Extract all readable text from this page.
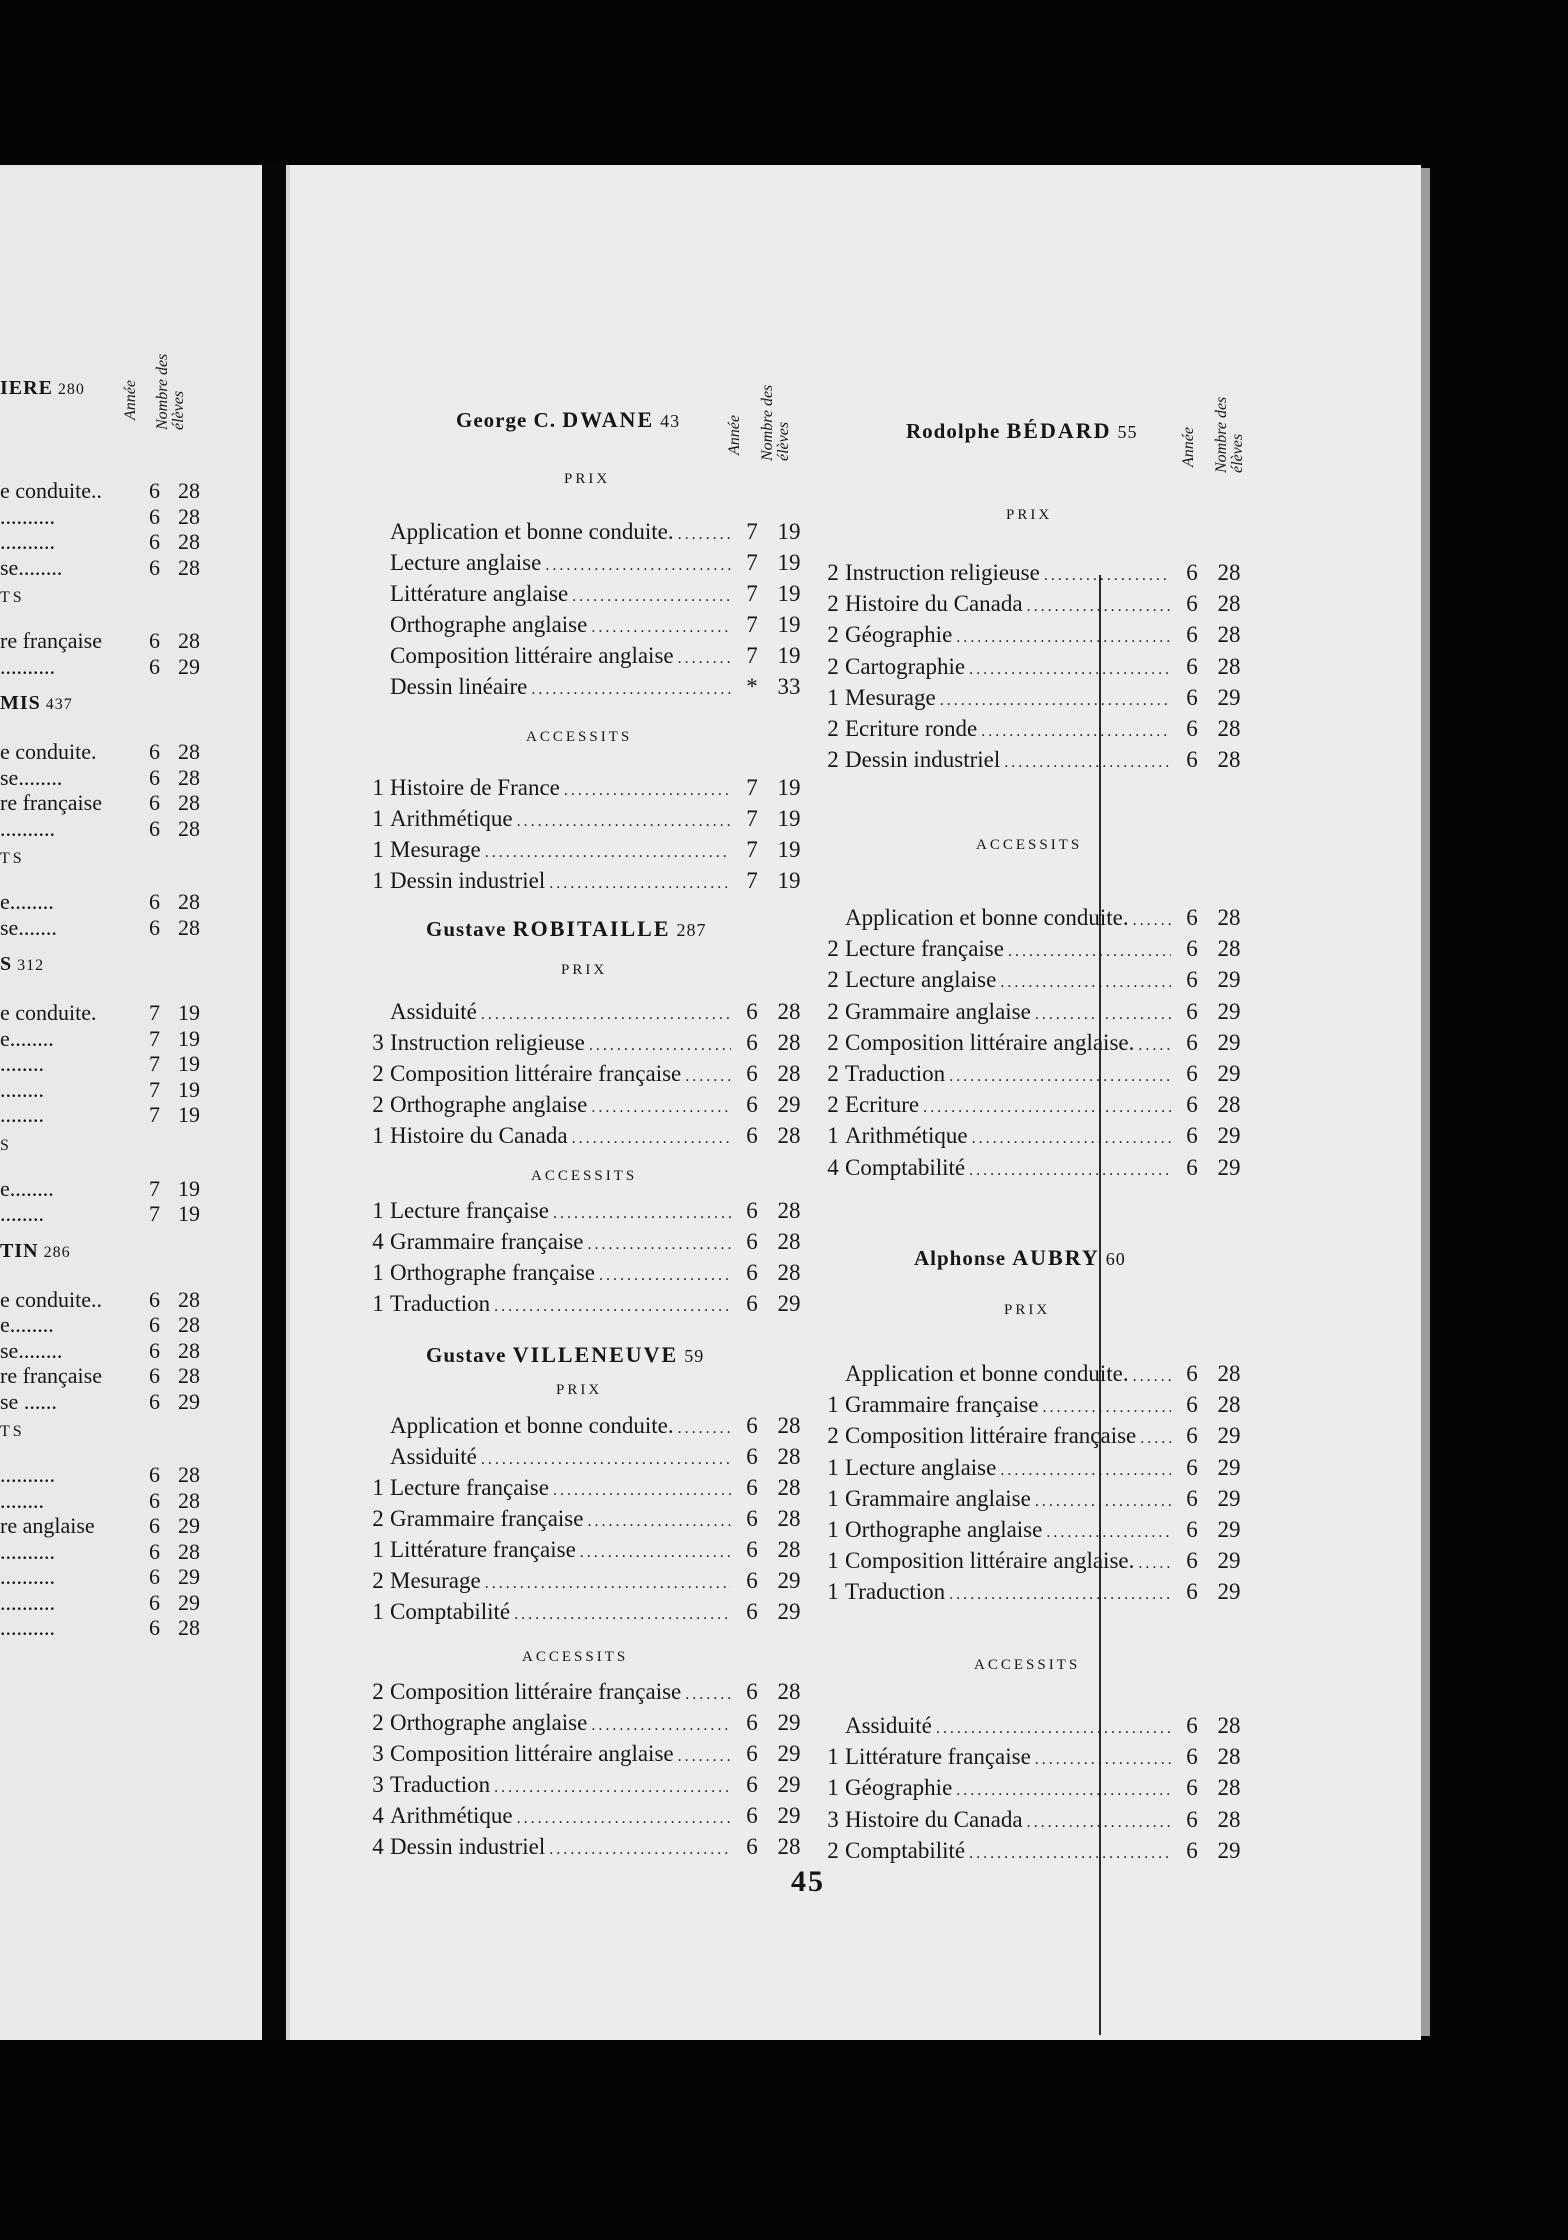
e conduite..	6 28
..........	6 28
..........	6 28
se........	6 28
TS
re française	6 28
..........	6 29
MIS 437
e conduite.	6 28
se........	6 28
re française	6 28
..........	6 28
TS
e........	6 28
se.......	6 28
S 312
e conduite.	7 19
e........	7 19
........	7 19
........	7 19
........	7 19
S
e........	7 19
........	7 19
TIN 286
e conduite..	6 28
e........	6 28
se........	6 28
re française	6 28
se ......	6 29
TS
..........	6 28
........	6 28
re anglaise	6 29
..........	6 28
..........	6 29
..........	6 29
..........	6 28
IERE 280 Année Nombre des élèves
45
George C. DWANE 43	Année Nombre des élèves
PRIX
Application et bonne conduite. .....	7 19
Lecture anglaise .....	7 19
Littérature anglaise .....	7 19
Orthographe anglaise .....	7 19
Composition littéraire anglaise .....	7 19
Dessin linéaire .....	* 33
ACCESSITS
1 Histoire de France .....	7 19
1 Arithmétique .....	7 19
1 Mesurage .....	7 19
1 Dessin industriel .....	7 19
Gustave ROBITAILLE 287
PRIX
Assiduité .....	6 28
3 Instruction religieuse .....	6 28
2 Composition littéraire française .....	6 28
2 Orthographe anglaise .....	6 29
1 Histoire du Canada .....	6 28
ACCESSITS
1 Lecture française .....	6 28
4 Grammaire française .....	6 28
1 Orthographe française .....	6 28
1 Traduction .....	6 29
Gustave VILLENEUVE 59
PRIX
Application et bonne conduite. .....	6 28
Assiduité .....	6 28
1 Lecture française .....	6 28
2 Grammaire française .....	6 28
1 Littérature française .....	6 28
2 Mesurage .....	6 29
1 Comptabilité .....	6 29
ACCESSITS
2 Composition littéraire française .....	6 28
2 Orthographe anglaise .....	6 29
3 Composition littéraire anglaise .....	6 29
3 Traduction .....	6 29
4 Arithmétique .....	6 29
4 Dessin industriel .....	6 28
Rodolphe BÉDARD 55	Année Nombre des élèves
PRIX
2 Instruction religieuse .....	6 28
2 Histoire du Canada .....	6 28
2 Géographie .....	6 28
2 Cartographie .....	6 28
1 Mesurage .....	6 29
2 Ecriture ronde .....	6 28
2 Dessin industriel .....	6 28
ACCESSITS
Application et bonne conduite. .....	6 28
2 Lecture française .....	6 28
2 Lecture anglaise .....	6 29
2 Grammaire anglaise .....	6 29
2 Composition littéraire anglaise. .....	6 29
2 Traduction .....	6 29
2 Ecriture .....	6 28
1 Arithmétique .....	6 29
4 Comptabilité .....	6 29
Alphonse AUBRY 60
PRIX
Application et bonne conduite. .....	6 28
1 Grammaire française .....	6 28
2 Composition littéraire française .....	6 29
1 Lecture anglaise .....	6 29
1 Grammaire anglaise .....	6 29
1 Orthographe anglaise .....	6 29
1 Composition littéraire anglaise. .....	6 29
1 Traduction .....	6 29
ACCESSITS
Assiduité .....	6 28
1 Littérature française .....	6 28
1 Géographie .....	6 28
3 Histoire du Canada .....	6 28
2 Comptabilité .....	6 29
